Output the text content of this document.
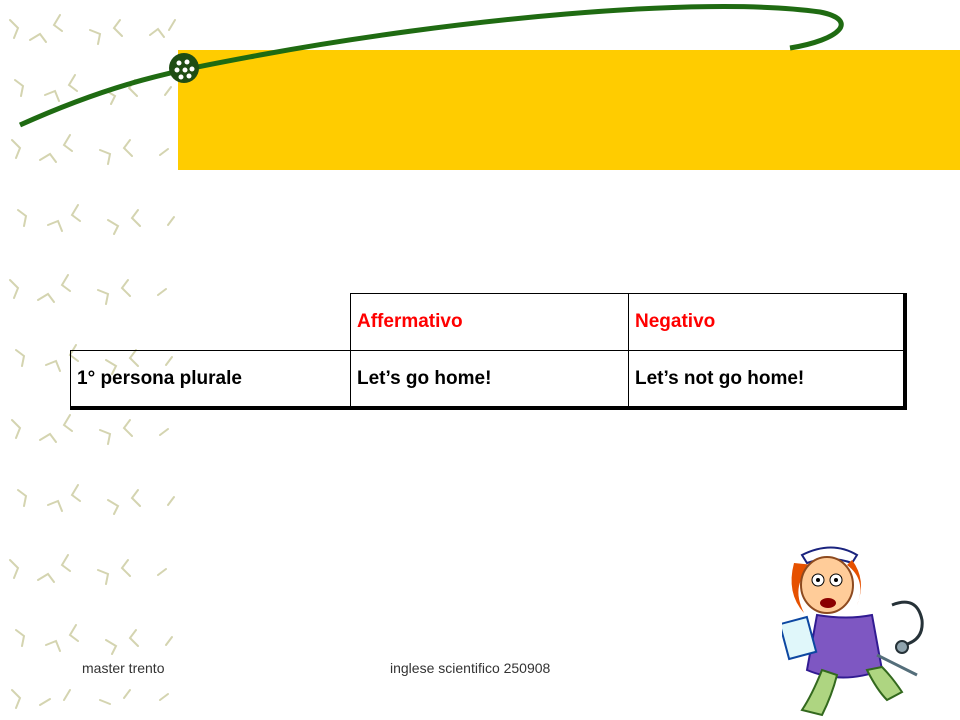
	Affermativo	Negativo
1° persona plurale	Let’s go home!	Let’s not go home!
master trento	inglese scientifico 250908
